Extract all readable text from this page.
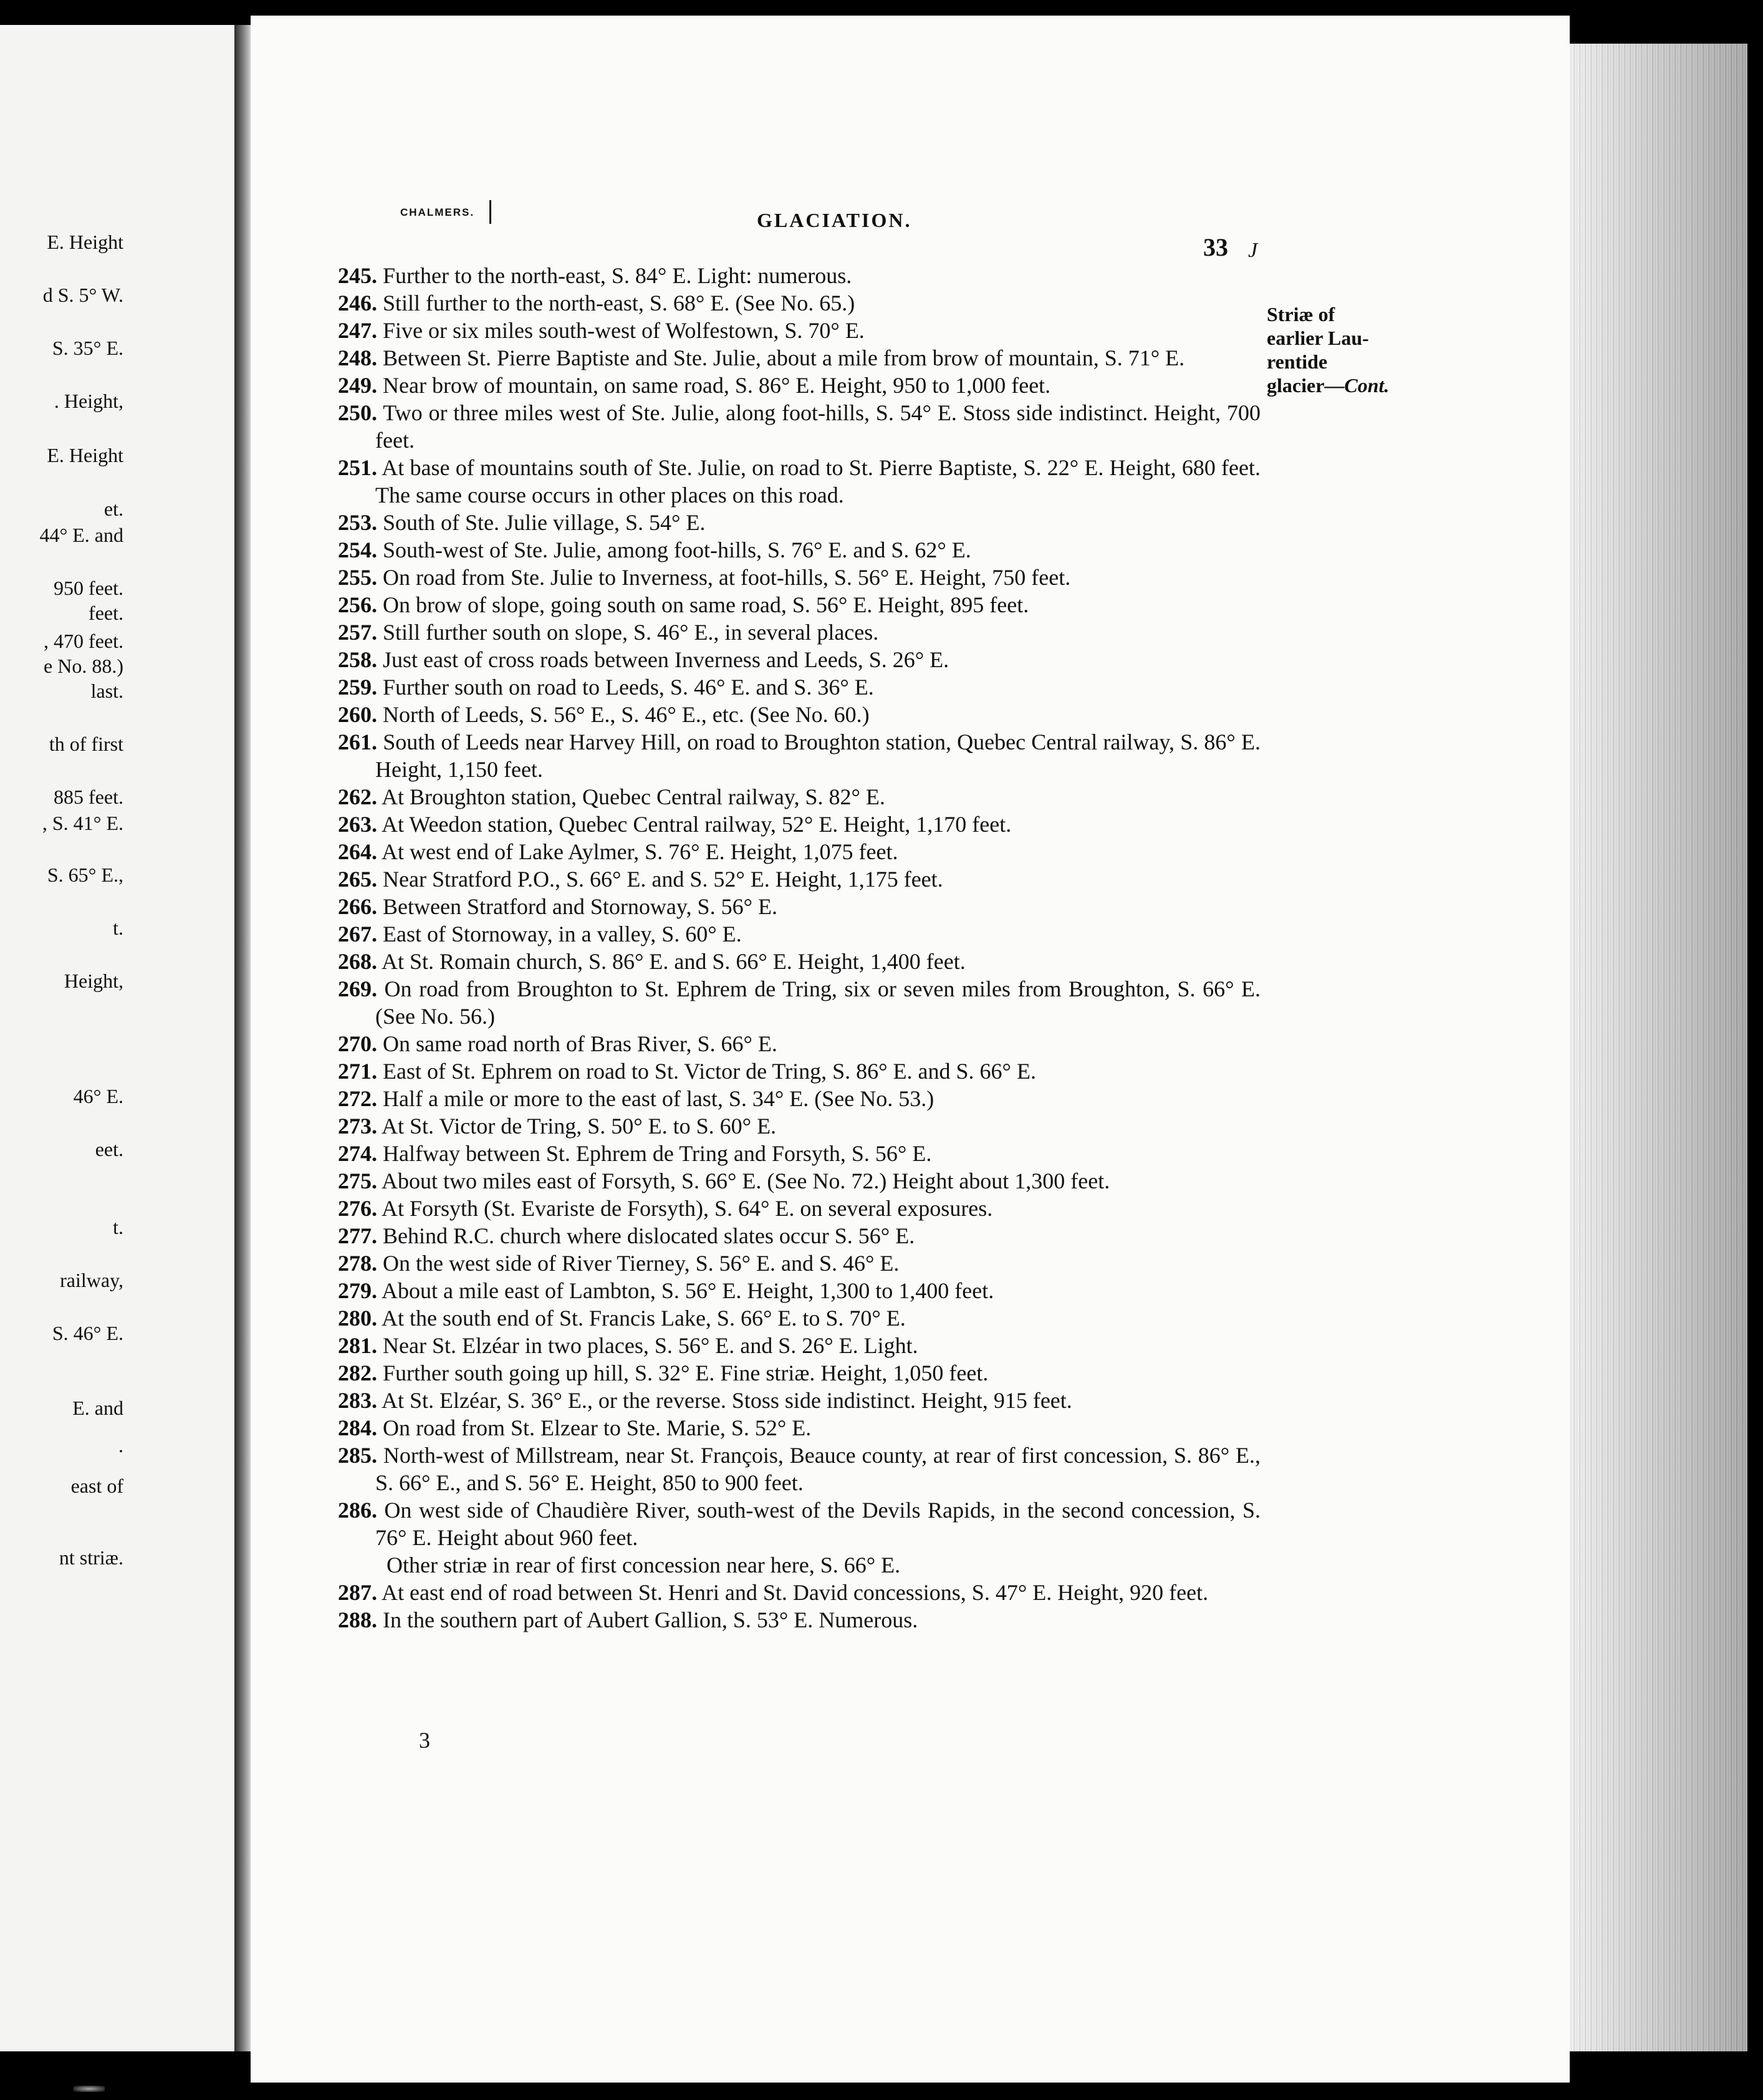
E. Height
d S. 5° W.
S. 35° E.
. Height,
E. Height
et.
44° E. and
950 feet.
feet.
, 470 feet.
e No. 88.)
last.
th of first
885 feet.
, S. 41° E.
S. 65° E.,
t.
Height,
46° E.
eet.
t.
railway,
S. 46° E.
E. and
.
east of
nt striæ.
CHALMERS.	GLACIATION.
33 J
Striæ of
earlier Lau-
rentide
glacier—Cont.
245. Further to the north-east, S. 84° E. Light: numerous.
246. Still further to the north-east, S. 68° E. (See No. 65.)
247. Five or six miles south-west of Wolfestown, S. 70° E.
248. Between St. Pierre Baptiste and Ste. Julie, about a mile from brow of mountain, S. 71° E.
249. Near brow of mountain, on same road, S. 86° E. Height, 950 to 1,000 feet.
250. Two or three miles west of Ste. Julie, along foot-hills, S. 54° E. Stoss side indistinct. Height, 700 feet.
251. At base of mountains south of Ste. Julie, on road to St. Pierre Baptiste, S. 22° E. Height, 680 feet. The same course occurs in other places on this road.
253. South of Ste. Julie village, S. 54° E.
254. South-west of Ste. Julie, among foot-hills, S. 76° E. and S. 62° E.
255. On road from Ste. Julie to Inverness, at foot-hills, S. 56° E. Height, 750 feet.
256. On brow of slope, going south on same road, S. 56° E. Height, 895 feet.
257. Still further south on slope, S. 46° E., in several places.
258. Just east of cross roads between Inverness and Leeds, S. 26° E.
259. Further south on road to Leeds, S. 46° E. and S. 36° E.
260. North of Leeds, S. 56° E., S. 46° E., etc. (See No. 60.)
261. South of Leeds near Harvey Hill, on road to Broughton station, Quebec Central railway, S. 86° E. Height, 1,150 feet.
262. At Broughton station, Quebec Central railway, S. 82° E.
263. At Weedon station, Quebec Central railway, 52° E. Height, 1,170 feet.
264. At west end of Lake Aylmer, S. 76° E. Height, 1,075 feet.
265. Near Stratford P.O., S. 66° E. and S. 52° E. Height, 1,175 feet.
266. Between Stratford and Stornoway, S. 56° E.
267. East of Stornoway, in a valley, S. 60° E.
268. At St. Romain church, S. 86° E. and S. 66° E. Height, 1,400 feet.
269. On road from Broughton to St. Ephrem de Tring, six or seven miles from Broughton, S. 66° E. (See No. 56.)
270. On same road north of Bras River, S. 66° E.
271. East of St. Ephrem on road to St. Victor de Tring, S. 86° E. and S. 66° E.
272. Half a mile or more to the east of last, S. 34° E. (See No. 53.)
273. At St. Victor de Tring, S. 50° E. to S. 60° E.
274. Halfway between St. Ephrem de Tring and Forsyth, S. 56° E.
275. About two miles east of Forsyth, S. 66° E. (See No. 72.) Height about 1,300 feet.
276. At Forsyth (St. Evariste de Forsyth), S. 64° E. on several exposures.
277. Behind R.C. church where dislocated slates occur S. 56° E.
278. On the west side of River Tierney, S. 56° E. and S. 46° E.
279. About a mile east of Lambton, S. 56° E. Height, 1,300 to 1,400 feet.
280. At the south end of St. Francis Lake, S. 66° E. to S. 70° E.
281. Near St. Elzéar in two places, S. 56° E. and S. 26° E. Light.
282. Further south going up hill, S. 32° E. Fine striæ. Height, 1,050 feet.
283. At St. Elzéar, S. 36° E., or the reverse. Stoss side indistinct. Height, 915 feet.
284. On road from St. Elzear to Ste. Marie, S. 52° E.
285. North-west of Millstream, near St. François, Beauce county, at rear of first concession, S. 86° E., S. 66° E., and S. 56° E. Height, 850 to 900 feet.
286. On west side of Chaudière River, south-west of the Devils Rapids, in the second concession, S. 76° E. Height about 960 feet.
Other striæ in rear of first concession near here, S. 66° E.
287. At east end of road between St. Henri and St. David concessions, S. 47° E. Height, 920 feet.
288. In the southern part of Aubert Gallion, S. 53° E. Numerous.
3
